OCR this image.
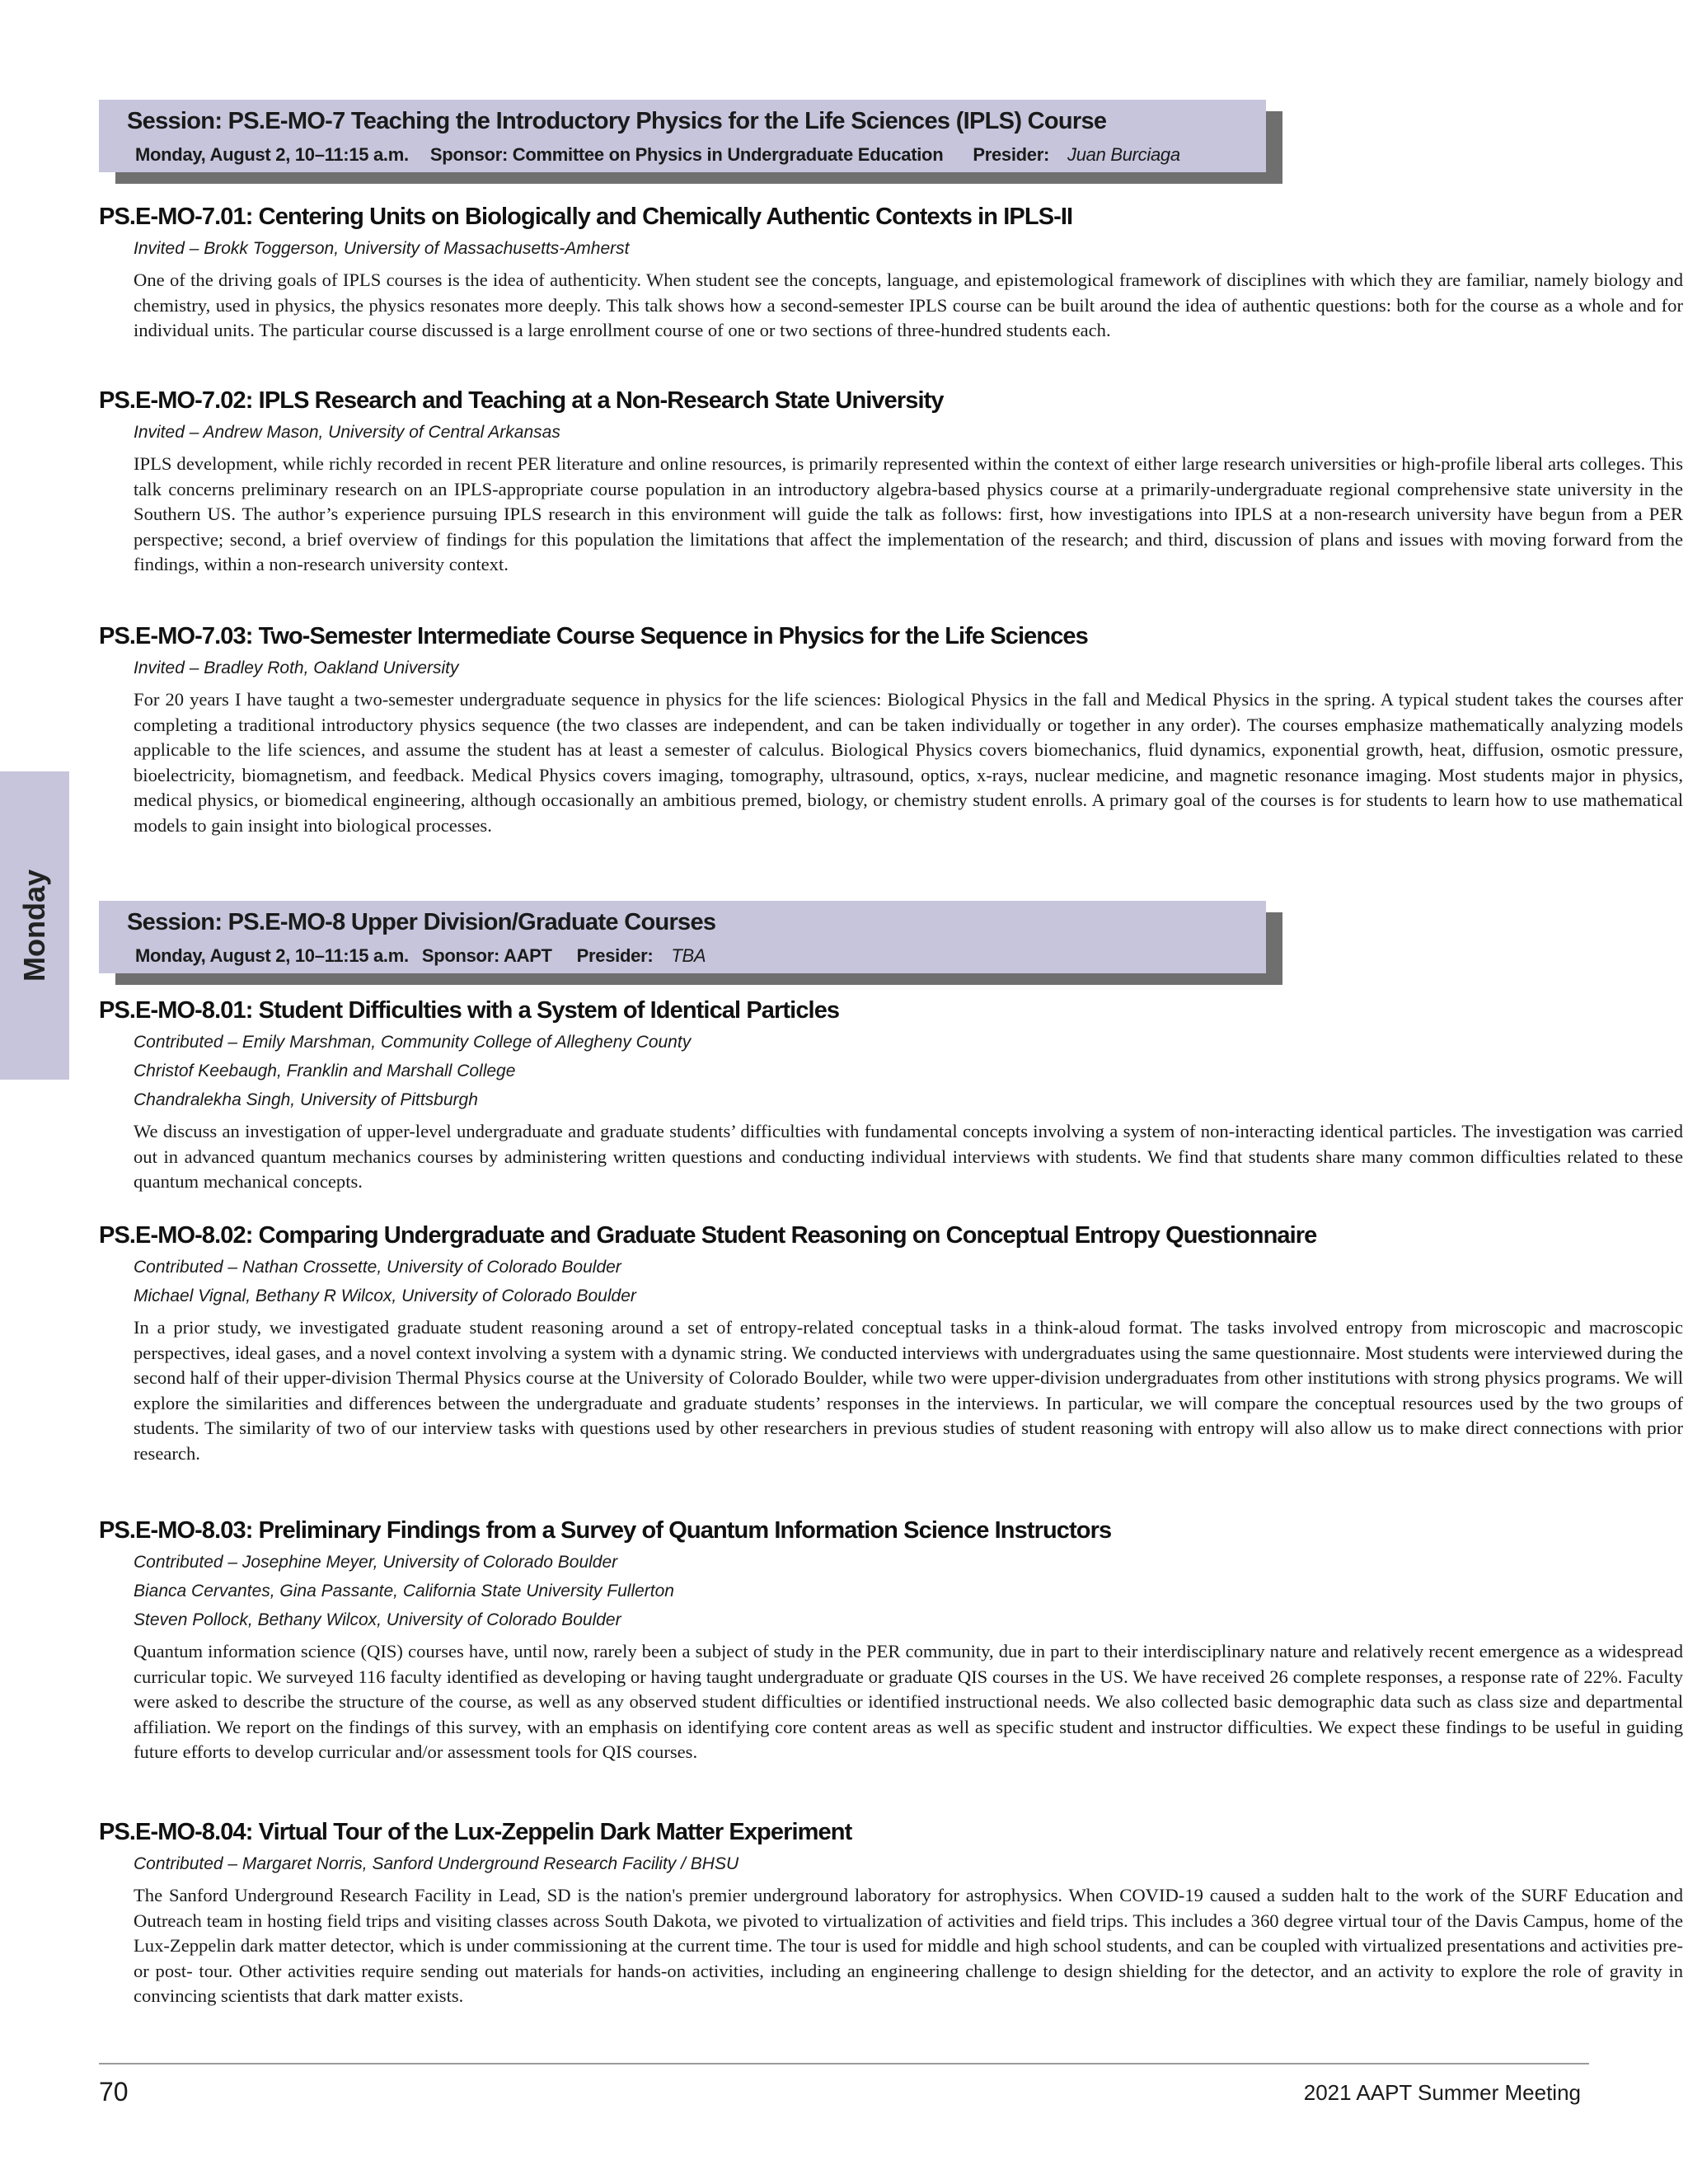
Monday
Session: PS.E-MO-7 Teaching the Introductory Physics for the Life Sciences (IPLS) Course
Monday, August 2, 10–11:15 a.m. Sponsor: Committee on Physics in Undergraduate Education Presider: Juan Burciaga
PS.E-MO-7.01: Centering Units on Biologically and Chemically Authentic Contexts in IPLS-II
Invited – Brokk Toggerson, University of Massachusetts-Amherst
One of the driving goals of IPLS courses is the idea of authenticity. When student see the concepts, language, and epistemological framework of disciplines with which they are familiar, namely biology and chemistry, used in physics, the physics resonates more deeply. This talk shows how a second-semester IPLS course can be built around the idea of authentic questions: both for the course as a whole and for individual units. The particular course discussed is a large enrollment course of one or two sections of three-hundred students each.
PS.E-MO-7.02: IPLS Research and Teaching at a Non-Research State University
Invited – Andrew Mason, University of Central Arkansas
IPLS development, while richly recorded in recent PER literature and online resources, is primarily represented within the context of either large research universities or high-profile liberal arts colleges. This talk concerns preliminary research on an IPLS-appropriate course population in an introductory algebra-based physics course at a primarily-undergraduate regional comprehensive state university in the Southern US. The author’s experience pursuing IPLS research in this environment will guide the talk as follows: first, how investigations into IPLS at a non-research university have begun from a PER perspective; second, a brief overview of findings for this population the limitations that affect the implementation of the research; and third, discussion of plans and issues with moving forward from the findings, within a non-research university context.
PS.E-MO-7.03: Two-Semester Intermediate Course Sequence in Physics for the Life Sciences
Invited – Bradley Roth, Oakland University
For 20 years I have taught a two-semester undergraduate sequence in physics for the life sciences: Biological Physics in the fall and Medical Physics in the spring. A typical student takes the courses after completing a traditional introductory physics sequence (the two classes are independent, and can be taken individually or together in any order). The courses emphasize mathematically analyzing models applicable to the life sciences, and assume the student has at least a semester of calculus. Biological Physics covers biomechanics, fluid dynamics, exponential growth, heat, diffusion, osmotic pressure, bioelectricity, biomagnetism, and feedback. Medical Physics covers imaging, tomography, ultrasound, optics, x-rays, nuclear medicine, and magnetic resonance imaging. Most students major in physics, medical physics, or biomedical engineering, although occasionally an ambitious premed, biology, or chemistry student enrolls. A primary goal of the courses is for students to learn how to use mathematical models to gain insight into biological processes.
Session: PS.E-MO-8 Upper Division/Graduate Courses
Monday, August 2, 10–11:15 a.m. Sponsor: AAPT Presider: TBA
PS.E-MO-8.01: Student Difficulties with a System of Identical Particles
Contributed – Emily Marshman, Community College of Allegheny County
Christof Keebaugh, Franklin and Marshall College
Chandralekha Singh, University of Pittsburgh
We discuss an investigation of upper-level undergraduate and graduate students’ difficulties with fundamental concepts involving a system of non-interacting identical particles. The investigation was carried out in advanced quantum mechanics courses by administering written questions and conducting individual interviews with students. We find that students share many common difficulties related to these quantum mechanical concepts.
PS.E-MO-8.02: Comparing Undergraduate and Graduate Student Reasoning on Conceptual Entropy Questionnaire
Contributed – Nathan Crossette, University of Colorado Boulder
Michael Vignal, Bethany R Wilcox, University of Colorado Boulder
In a prior study, we investigated graduate student reasoning around a set of entropy-related conceptual tasks in a think-aloud format. The tasks involved entropy from microscopic and macroscopic perspectives, ideal gases, and a novel context involving a system with a dynamic string. We conducted interviews with undergraduates using the same questionnaire. Most students were interviewed during the second half of their upper-division Thermal Physics course at the University of Colorado Boulder, while two were upper-division undergraduates from other institutions with strong physics programs. We will explore the similarities and differences between the undergraduate and graduate students’ responses in the interviews. In particular, we will compare the conceptual resources used by the two groups of students. The similarity of two of our interview tasks with questions used by other researchers in previous studies of student reasoning with entropy will also allow us to make direct connections with prior research.
PS.E-MO-8.03: Preliminary Findings from a Survey of Quantum Information Science Instructors
Contributed – Josephine Meyer, University of Colorado Boulder
Bianca Cervantes, Gina Passante, California State University Fullerton
Steven Pollock, Bethany Wilcox, University of Colorado Boulder
Quantum information science (QIS) courses have, until now, rarely been a subject of study in the PER community, due in part to their interdisciplinary nature and relatively recent emergence as a widespread curricular topic. We surveyed 116 faculty identified as developing or having taught undergraduate or graduate QIS courses in the US. We have received 26 complete responses, a response rate of 22%. Faculty were asked to describe the structure of the course, as well as any observed student difficulties or identified instructional needs. We also collected basic demographic data such as class size and departmental affiliation. We report on the findings of this survey, with an emphasis on identifying core content areas as well as specific student and instructor difficulties. We expect these findings to be useful in guiding future efforts to develop curricular and/or assessment tools for QIS courses.
PS.E-MO-8.04: Virtual Tour of the Lux-Zeppelin Dark Matter Experiment
Contributed – Margaret Norris, Sanford Underground Research Facility / BHSU
The Sanford Underground Research Facility in Lead, SD is the nation's premier underground laboratory for astrophysics. When COVID-19 caused a sudden halt to the work of the SURF Education and Outreach team in hosting field trips and visiting classes across South Dakota, we pivoted to virtualization of activities and field trips. This includes a 360 degree virtual tour of the Davis Campus, home of the Lux-Zeppelin dark matter detector, which is under commissioning at the current time. The tour is used for middle and high school students, and can be coupled with virtualized presentations and activities pre- or post- tour. Other activities require sending out materials for hands-on activities, including an engineering challenge to design shielding for the detector, and an activity to explore the role of gravity in convincing scientists that dark matter exists.
70	2021 AAPT Summer Meeting
